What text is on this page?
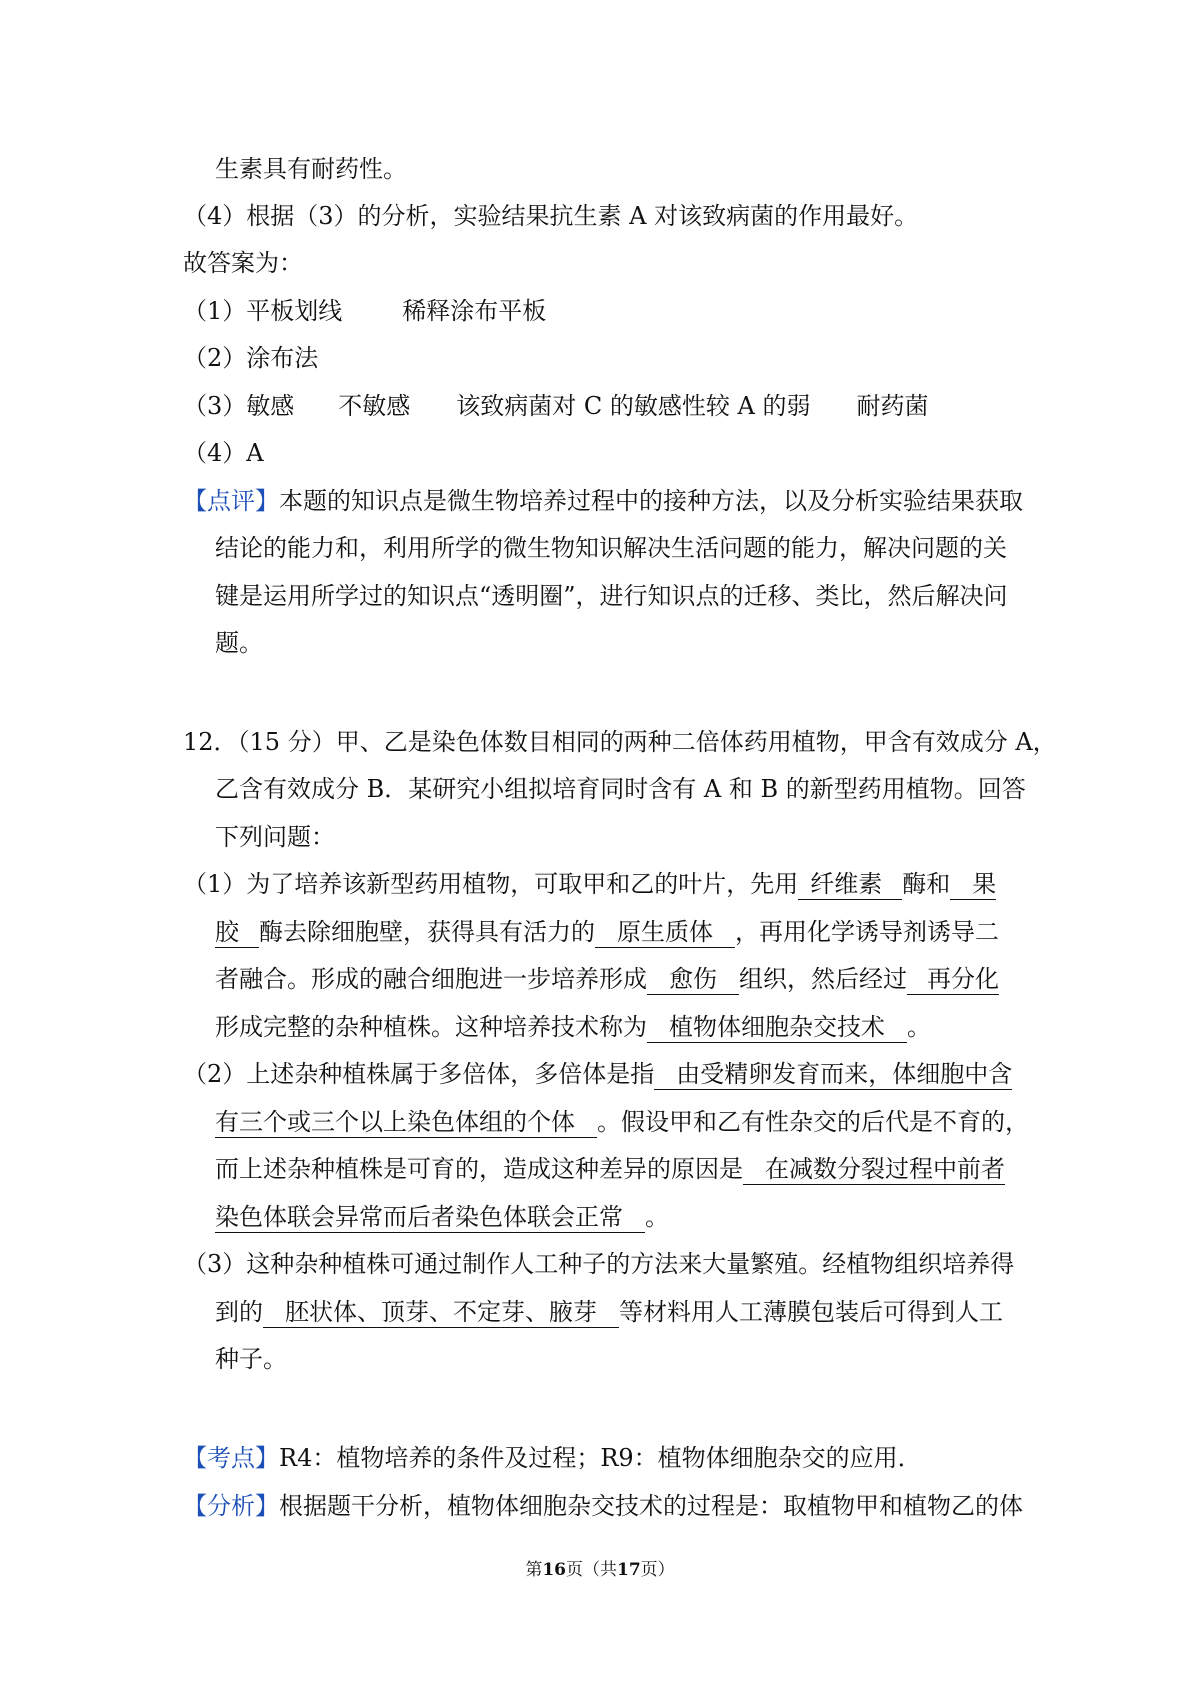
生素具有耐药性。
（4）根据（3）的分析，实验结果抗生素 A 对该致病菌的作用最好。
故答案为：
（1）平板划线	稀释涂布平板
（2）涂布法
（3）敏感 不敏感 该致病菌对 C 的敏感性较 A 的弱 耐药菌
（4）A
【点评】本题的知识点是微生物培养过程中的接种方法，以及分析实验结果获取
结论的能力和，利用所学的微生物知识解决生活问题的能力，解决问题的关
键是运用所学过的知识点“透明圈”，进行知识点的迁移、类比，然后解决问
题。
12．（15 分）甲、乙是染色体数目相同的两种二倍体药用植物，甲含有效成分 A，
乙含有效成分 B．某研究小组拟培育同时含有 A 和 B 的新型药用植物。回答
下列问题：
（1）为了培养该新型药用植物，可取甲和乙的叶片，先用 纤维素 酶和 果
胶 酶去除细胞壁，获得具有活力的 原生质体 ，再用化学诱导剂诱导二
者融合。形成的融合细胞进一步培养形成 愈伤 组织，然后经过 再分化
形成完整的杂种植株。这种培养技术称为 植物体细胞杂交技术 。
（2）上述杂种植株属于多倍体，多倍体是指 由受精卵发育而来，体细胞中含
有三个或三个以上染色体组的个体 。假设甲和乙有性杂交的后代是不育的，
而上述杂种植株是可育的，造成这种差异的原因是 在减数分裂过程中前者
染色体联会异常而后者染色体联会正常 。
（3）这种杂种植株可通过制作人工种子的方法来大量繁殖。经植物组织培养得
到的 胚状体、顶芽、不定芽、腋芽 等材料用人工薄膜包装后可得到人工
种子。
【考点】R4：植物培养的条件及过程；R9：植物体细胞杂交的应用．
【分析】根据题干分析，植物体细胞杂交技术的过程是：取植物甲和植物乙的体
第16页（共17页）
